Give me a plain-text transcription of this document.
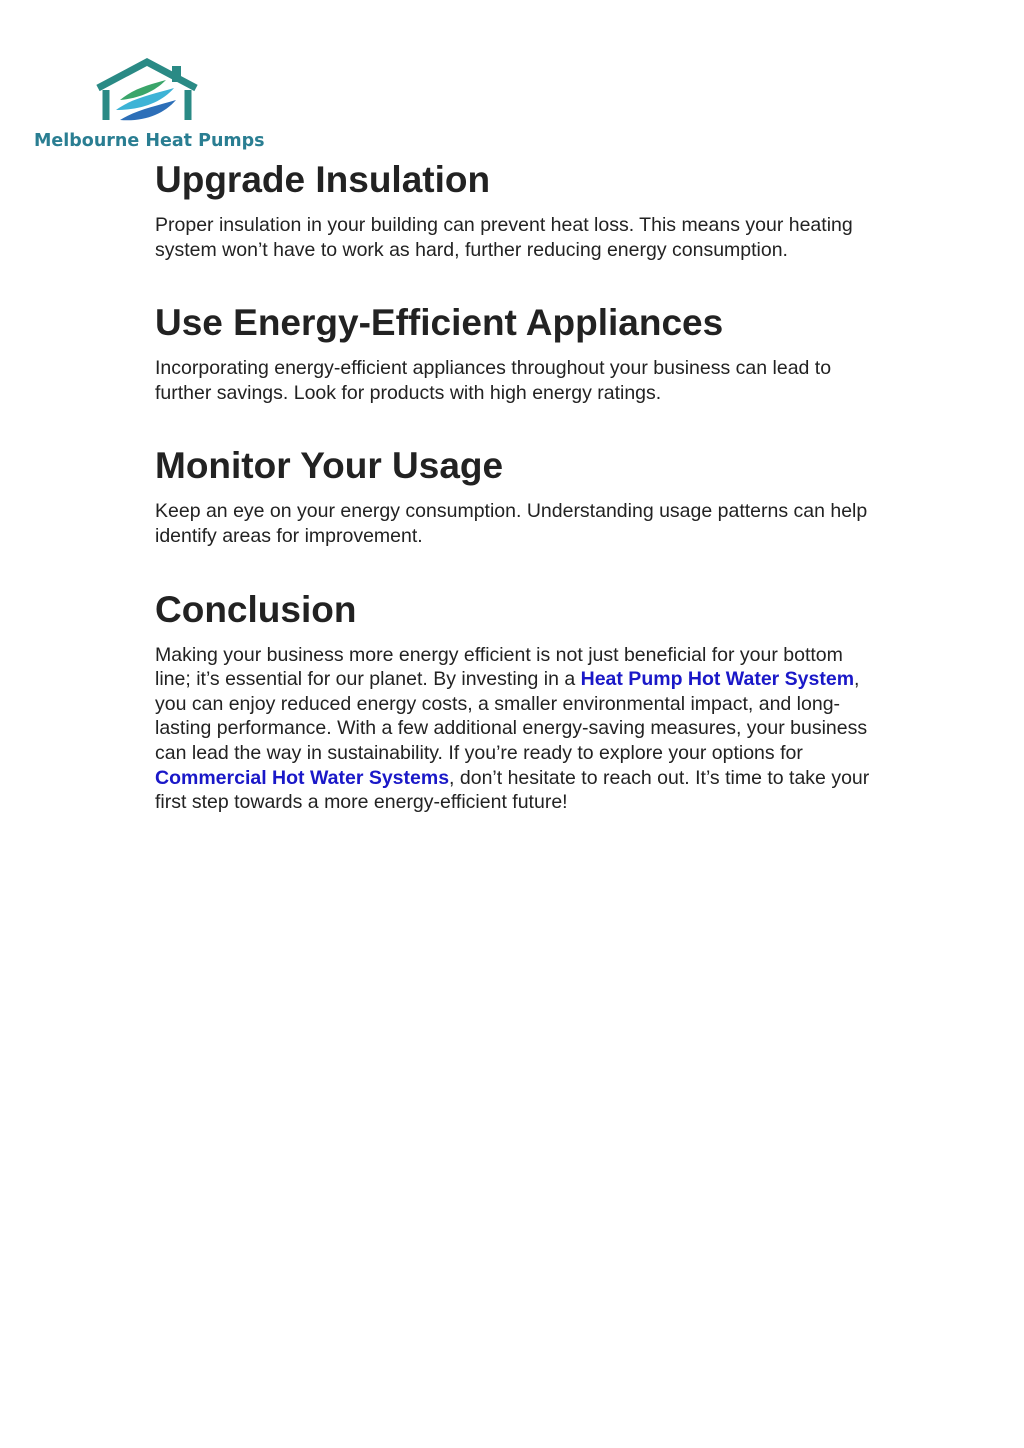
Melbourne Heat Pumps
Upgrade Insulation

Proper insulation in your building can prevent heat loss. This means your heating system won’t have to work as hard, further reducing energy consumption.

Use Energy-Efficient Appliances

Incorporating energy-efficient appliances throughout your business can lead to further savings. Look for products with high energy ratings.

Monitor Your Usage

Keep an eye on your energy consumption. Understanding usage patterns can help identify areas for improvement.

Conclusion

Making your business more energy efficient is not just beneficial for your bottom line; it’s essential for our planet. By investing in a Heat Pump Hot Water System, you can enjoy reduced energy costs, a smaller environmental impact, and long-lasting performance. With a few additional energy-saving measures, your business can lead the way in sustainability. If you’re ready to explore your options for Commercial Hot Water Systems, don’t hesitate to reach out. It’s time to take your first step towards a more energy-efficient future!
